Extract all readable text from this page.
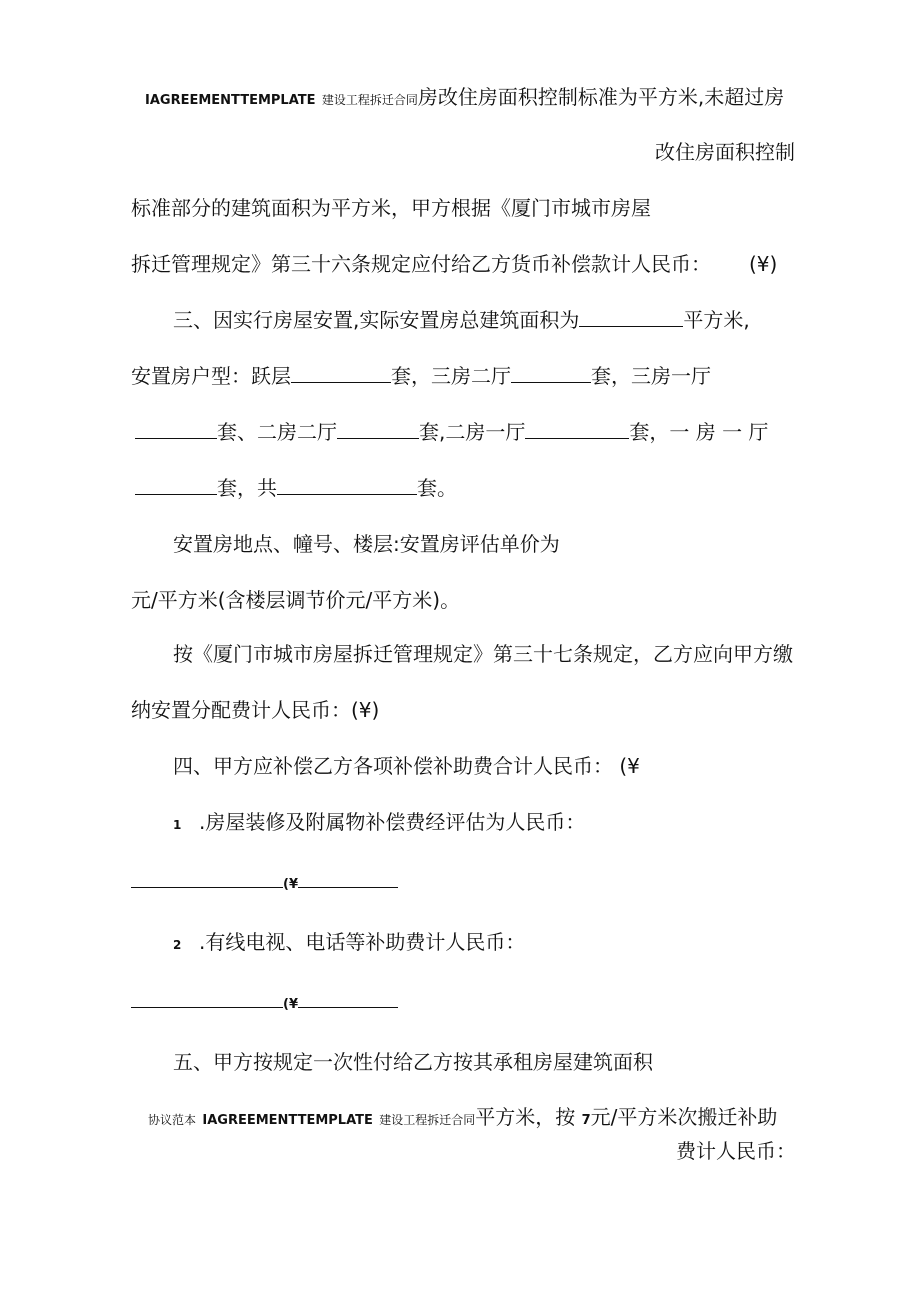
IAGREEMENTTEMPLATE 建设工程拆迁合同房改住房面积控制标准为平方米,未超过房
改住房面积控制
标准部分的建筑面积为平方米，甲方根据《厦门市城市房屋
拆迁管理规定》第三十六条规定应付给乙方货币补偿款计人民币： (¥)
三、因实行房屋安置,实际安置房总建筑面积为	平方米,
安置房户型：跃层	套，三房二厅	套，三房一厅
套、二房二厅	套,二房一厅	套，一 房 一 厅
套，共	套。
安置房地点、幢号、楼层:安置房评估单价为
元/平方米(含楼层调节价元/平方米)。
按《厦门市城市房屋拆迁管理规定》第三十七条规定，乙方应向甲方缴
纳安置分配费计人民币：(¥)
四、甲方应补偿乙方各项补偿补助费合计人民币： (¥
1 .房屋装修及附属物补偿费经评估为人民币：
(¥
2 .有线电视、电话等补助费计人民币：
(¥
五、甲方按规定一次性付给乙方按其承租房屋建筑面积
协议范本 IAGREEMENTTEMPLATE 建设工程拆迁合同平方米，按 7元/平方米次搬迁补助
费计人民币：
